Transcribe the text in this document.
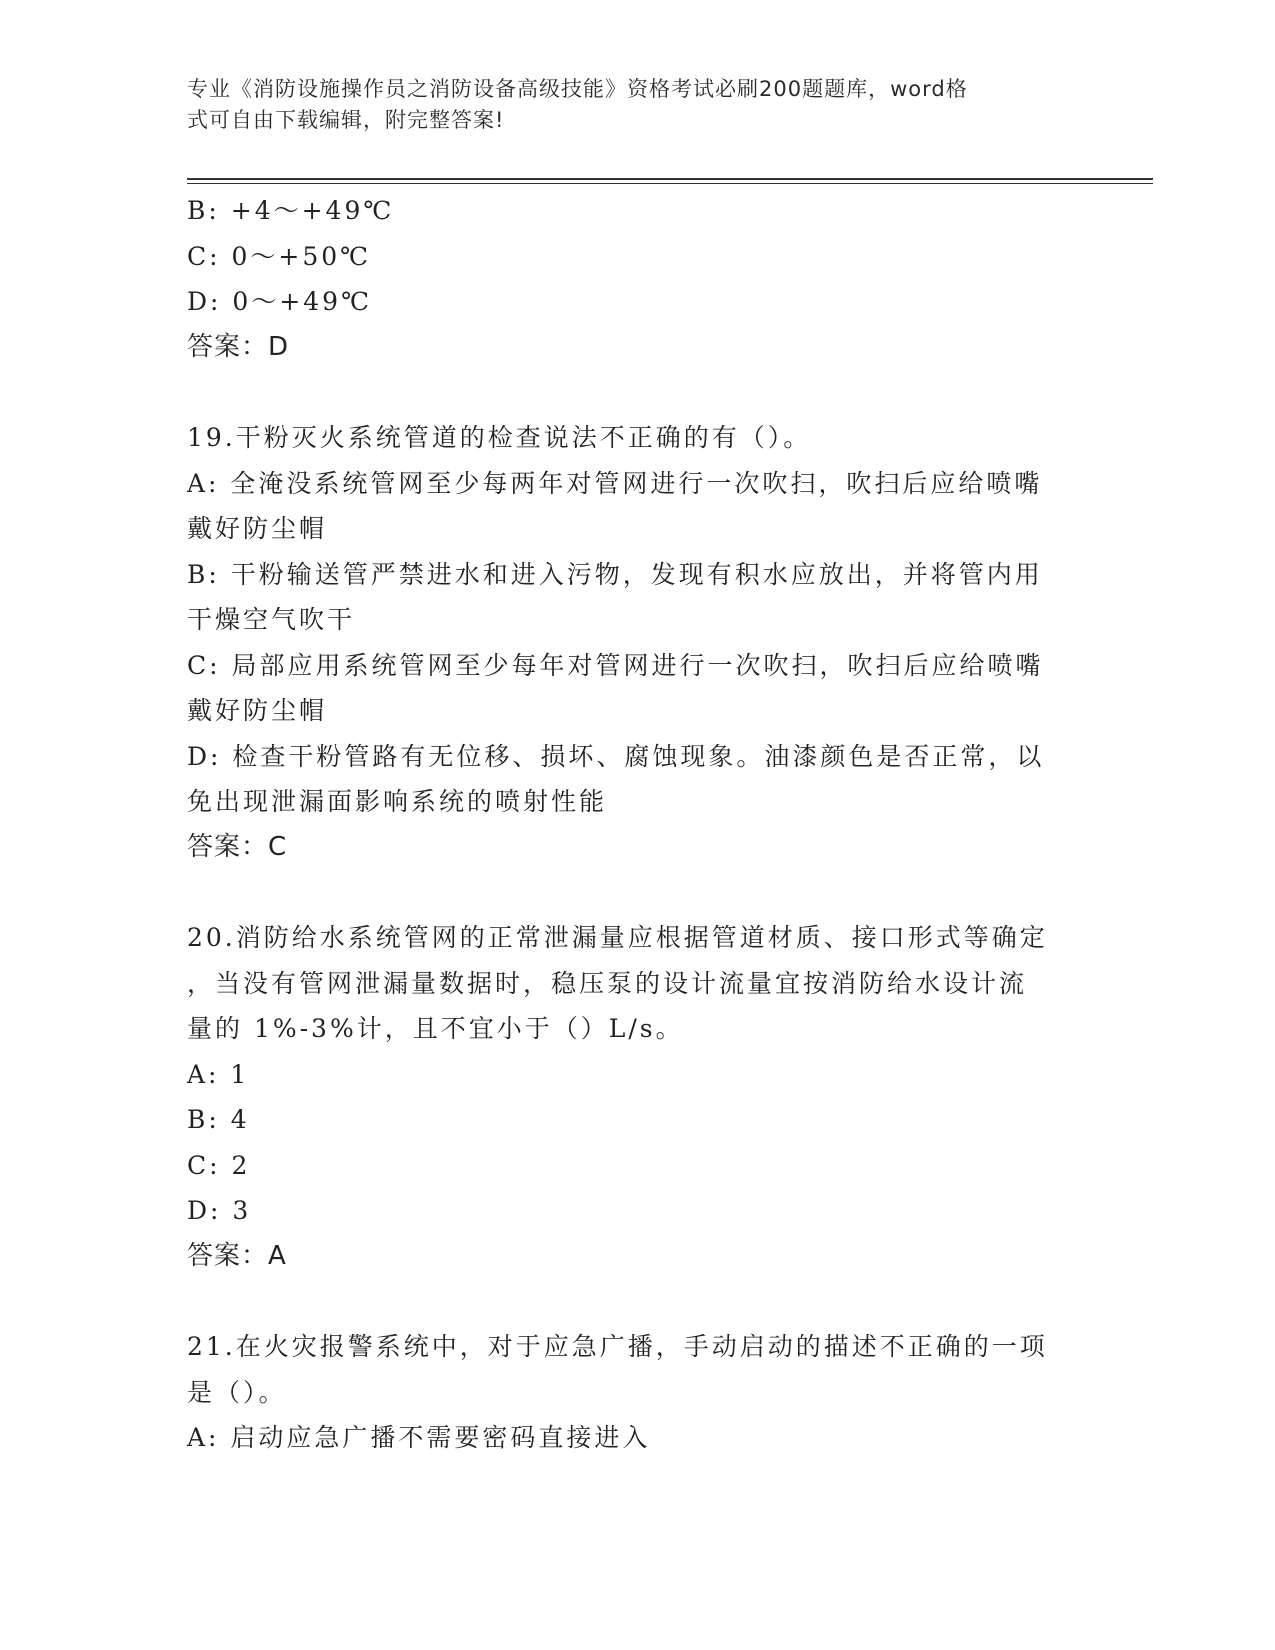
专业《消防设施操作员之消防设备高级技能》资格考试必刷200题题库，word格
式可自由下载编辑，附完整答案!
B: +4～+49℃
C: 0～+50℃
D: 0～+49℃
答案：D
19.干粉灭火系统管道的检查说法不正确的有（）。
A: 全淹没系统管网至少每两年对管网进行一次吹扫，吹扫后应给喷嘴
戴好防尘帽
B: 干粉输送管严禁进水和进入污物，发现有积水应放出，并将管内用
干燥空气吹干
C: 局部应用系统管网至少每年对管网进行一次吹扫，吹扫后应给喷嘴
戴好防尘帽
D: 检查干粉管路有无位移、损坏、腐蚀现象。油漆颜色是否正常，以
免出现泄漏面影响系统的喷射性能
答案：C
20.消防给水系统管网的正常泄漏量应根据管道材质、接口形式等确定
，当没有管网泄漏量数据时，稳压泵的设计流量宜按消防给水设计流
量的 1%-3%计，且不宜小于（）L/s。
A: 1
B: 4
C: 2
D: 3
答案：A
21.在火灾报警系统中，对于应急广播，手动启动的描述不正确的一项
是（）。
A: 启动应急广播不需要密码直接进入
